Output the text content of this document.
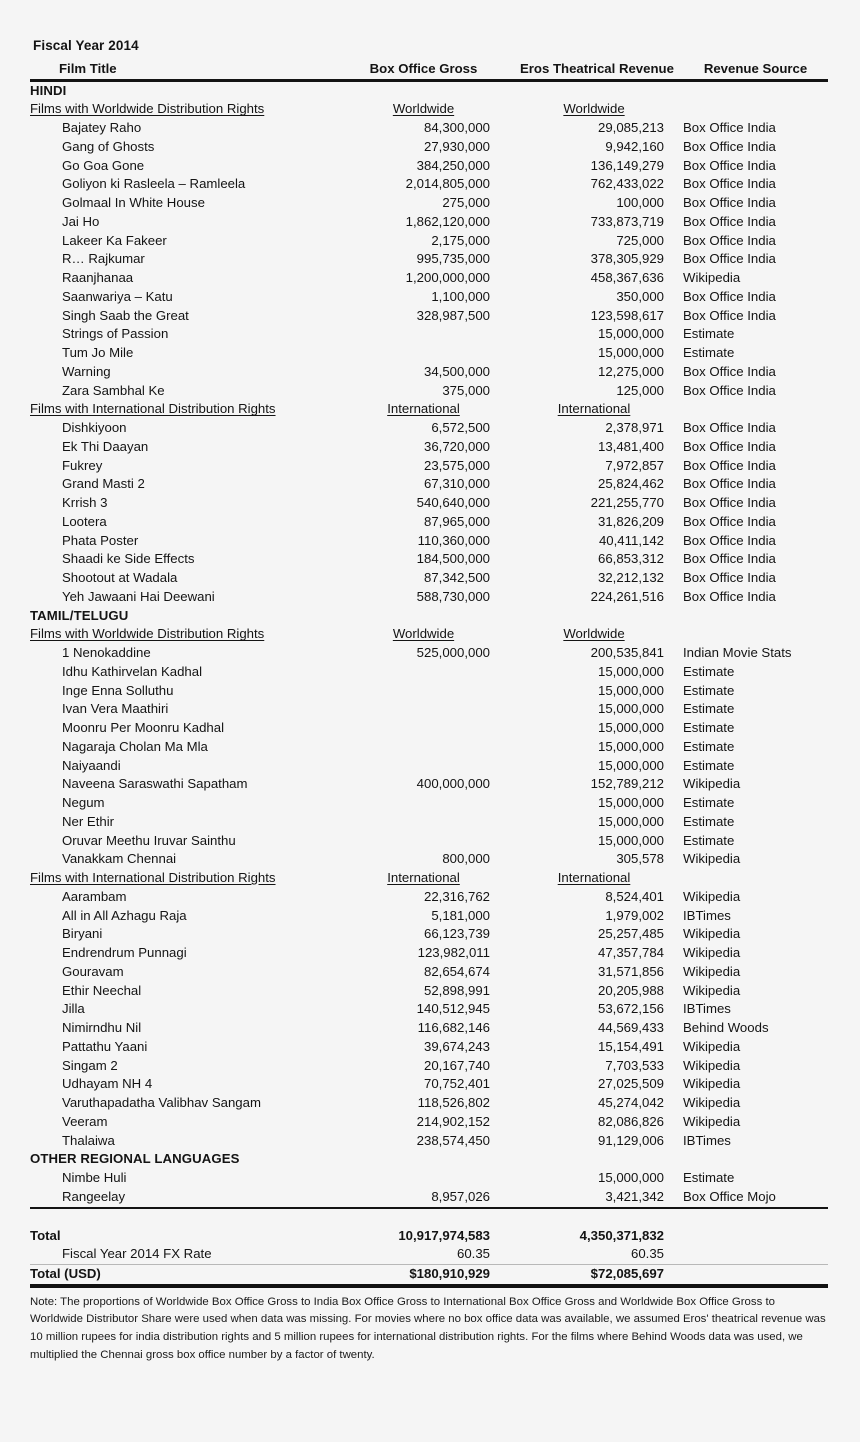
Fiscal Year 2014
Film Title	Box Office Gross	Eros Theatrical Revenue	Revenue Source
HINDI			
Films with Worldwide Distribution Rights	Worldwide	Worldwide	
Bajatey Raho	84,300,000	29,085,213	Box Office India
Gang of Ghosts	27,930,000	9,942,160	Box Office India
Go Goa Gone	384,250,000	136,149,279	Box Office India
Goliyon ki Rasleela – Ramleela	2,014,805,000	762,433,022	Box Office India
Golmaal In White House	275,000	100,000	Box Office India
Jai Ho	1,862,120,000	733,873,719	Box Office India
Lakeer Ka Fakeer	2,175,000	725,000	Box Office India
R… Rajkumar	995,735,000	378,305,929	Box Office India
Raanjhanaa	1,200,000,000	458,367,636	Wikipedia
Saanwariya – Katu	1,100,000	350,000	Box Office India
Singh Saab the Great	328,987,500	123,598,617	Box Office India
Strings of Passion		15,000,000	Estimate
Tum Jo Mile		15,000,000	Estimate
Warning	34,500,000	12,275,000	Box Office India
Zara Sambhal Ke	375,000	125,000	Box Office India
Films with International Distribution Rights	International	International	
Dishkiyoon	6,572,500	2,378,971	Box Office India
Ek Thi Daayan	36,720,000	13,481,400	Box Office India
Fukrey	23,575,000	7,972,857	Box Office India
Grand Masti 2	67,310,000	25,824,462	Box Office India
Krrish 3	540,640,000	221,255,770	Box Office India
Lootera	87,965,000	31,826,209	Box Office India
Phata Poster	110,360,000	40,411,142	Box Office India
Shaadi ke Side Effects	184,500,000	66,853,312	Box Office India
Shootout at Wadala	87,342,500	32,212,132	Box Office India
Yeh Jawaani Hai Deewani	588,730,000	224,261,516	Box Office India
TAMIL/TELUGU			
Films with Worldwide Distribution Rights	Worldwide	Worldwide	
1 Nenokaddine	525,000,000	200,535,841	Indian Movie Stats
Idhu Kathirvelan Kadhal		15,000,000	Estimate
Inge Enna Solluthu		15,000,000	Estimate
Ivan Vera Maathiri		15,000,000	Estimate
Moonru Per Moonru Kadhal		15,000,000	Estimate
Nagaraja Cholan Ma Mla		15,000,000	Estimate
Naiyaandi		15,000,000	Estimate
Naveena Saraswathi Sapatham	400,000,000	152,789,212	Wikipedia
Negum		15,000,000	Estimate
Ner Ethir		15,000,000	Estimate
Oruvar Meethu Iruvar Sainthu		15,000,000	Estimate
Vanakkam Chennai	800,000	305,578	Wikipedia
Films with International Distribution Rights	International	International	
Aarambam	22,316,762	8,524,401	Wikipedia
All in All Azhagu Raja	5,181,000	1,979,002	IBTimes
Biryani	66,123,739	25,257,485	Wikipedia
Endrendrum Punnagi	123,982,011	47,357,784	Wikipedia
Gouravam	82,654,674	31,571,856	Wikipedia
Ethir Neechal	52,898,991	20,205,988	Wikipedia
Jilla	140,512,945	53,672,156	IBTimes
Nimirndhu Nil	116,682,146	44,569,433	Behind Woods
Pattathu Yaani	39,674,243	15,154,491	Wikipedia
Singam 2	20,167,740	7,703,533	Wikipedia
Udhayam NH 4	70,752,401	27,025,509	Wikipedia
Varuthapadatha Valibhav Sangam	118,526,802	45,274,042	Wikipedia
Veeram	214,902,152	82,086,826	Wikipedia
Thalaiwa	238,574,450	91,129,006	IBTimes
OTHER REGIONAL LANGUAGES			
Nimbe Huli		15,000,000	Estimate
Rangeelay	8,957,026	3,421,342	Box Office Mojo

Total	10,917,974,583	4,350,371,832	
Fiscal Year 2014 FX Rate	60.35	60.35	
Total (USD)	$180,910,929	$72,085,697	

Note: The proportions of Worldwide Box Office Gross to India Box Office Gross to International Box Office Gross and Worldwide Box Office Gross to Worldwide Distributor Share were used when data was missing. For movies where no box office data was available, we assumed Eros' theatrical revenue was 10 million rupees for india distribution rights and 5 million rupees for international distribution rights. For the films where Behind Woods data was used, we multiplied the Chennai gross box office number by a factor of twenty.
